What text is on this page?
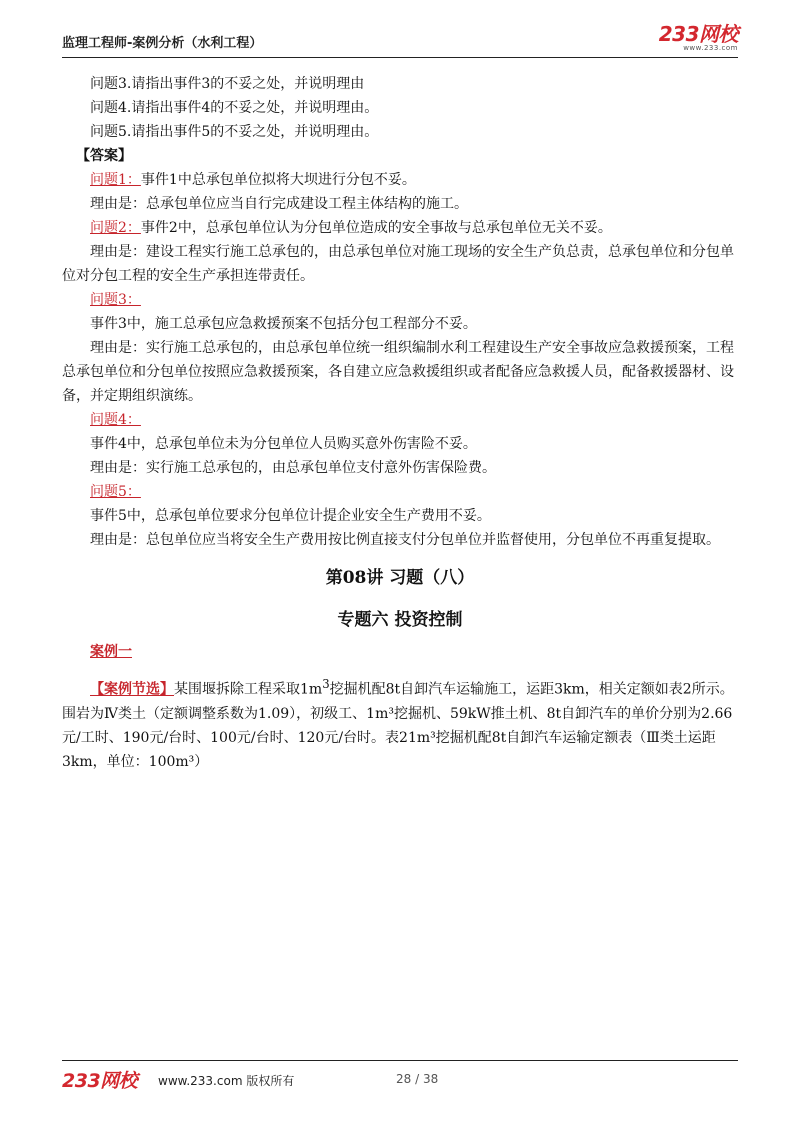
监理工程师-案例分析（水利工程）	233网校
www.233.com

问题3.请指出事件3的不妥之处，并说明理由

问题4.请指出事件4的不妥之处，并说明理由。

问题5.请指出事件5的不妥之处，并说明理由。

【答案】

问题1：事件1中总承包单位拟将大坝进行分包不妥。

理由是：总承包单位应当自行完成建设工程主体结构的施工。

问题2：事件2中，总承包单位认为分包单位造成的安全事故与总承包单位无关不妥。

理由是：建设工程实行施工总承包的，由总承包单位对施工现场的安全生产负总责，总承包单位和分包单位对分包工程的安全生产承担连带责任。

问题3：

事件3中，施工总承包应急救援预案不包括分包工程部分不妥。

理由是：实行施工总承包的，由总承包单位统一组织编制水利工程建设生产安全事故应急救援预案，工程总承包单位和分包单位按照应急救援预案，各自建立应急救援组织或者配备应急救援人员，配备救援器材、设备，并定期组织演练。

问题4：

事件4中，总承包单位未为分包单位人员购买意外伤害险不妥。

理由是：实行施工总承包的，由总承包单位支付意外伤害保险费。

问题5：

事件5中，总承包单位要求分包单位计提企业安全生产费用不妥。

理由是：总包单位应当将安全生产费用按比例直接支付分包单位并监督使用，分包单位不再重复提取。

第08讲 习题（八）

专题六 投资控制

案例一

【案例节选】某围堰拆除工程采取$1m^3$挖掘机配8t自卸汽车运输施工，运距3km，相关定额如表2所示。围岩为Ⅳ类土（定额调整系数为1.09），初级工、1m³挖掘机、59kW推土机、8t自卸汽车的单价分别为2.66元/工时、190元/台时、100元/台时、120元/台时。表21m³挖掘机配8t自卸汽车运输定额表（Ⅲ类土运距3km，单位：100m³）

233网校 www.233.com 版权所有	28 / 38
